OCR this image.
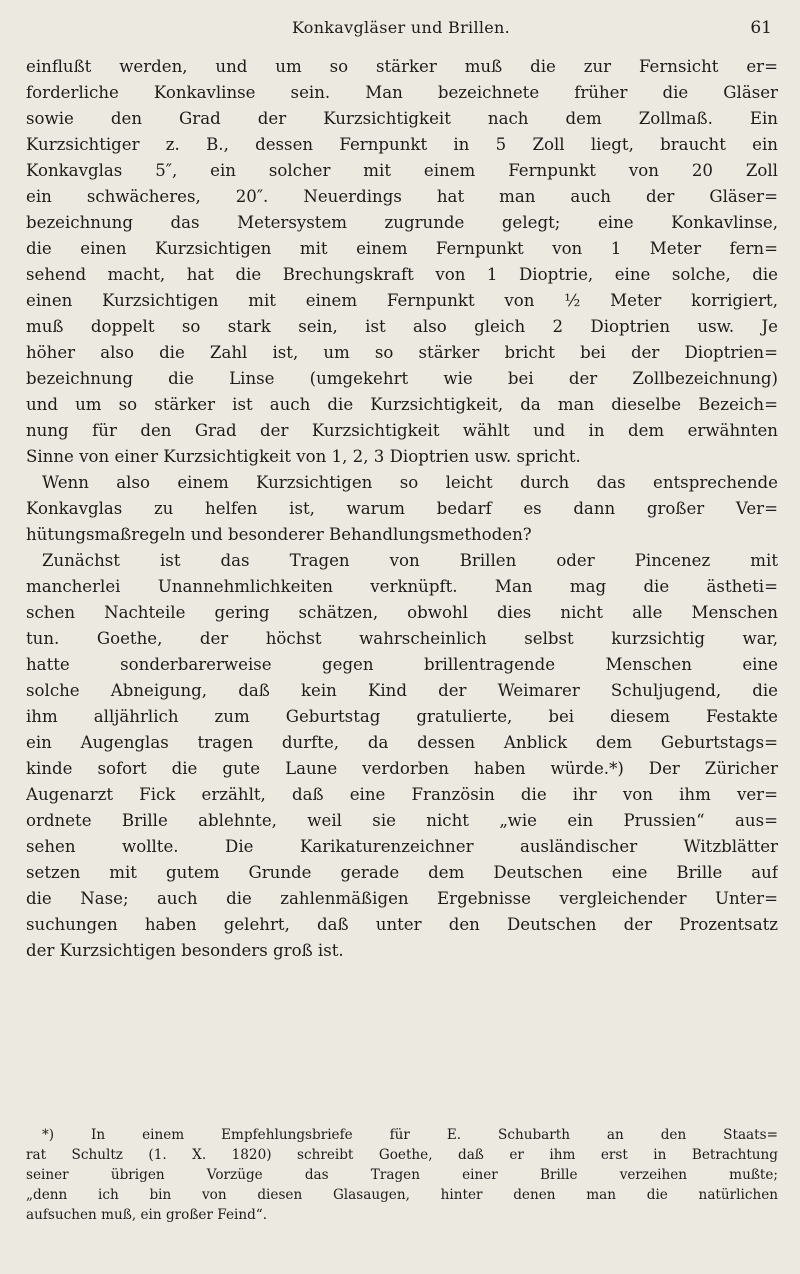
Konkavgläser und Brillen.	61
einflußt werden, und um so stärker muß die zur Fernsicht er=
forderliche Konkavlinse sein. Man bezeichnete früher die Gläser
sowie den Grad der Kurzsichtigkeit nach dem Zollmaß. Ein
Kurzsichtiger z. B., dessen Fernpunkt in 5 Zoll liegt, braucht ein
Konkavglas 5″, ein solcher mit einem Fernpunkt von 20 Zoll
ein schwächeres, 20″. Neuerdings hat man auch der Gläser=
bezeichnung das Metersystem zugrunde gelegt; eine Konkavlinse,
die einen Kurzsichtigen mit einem Fernpunkt von 1 Meter fern=
sehend macht, hat die Brechungskraft von 1 Dioptrie, eine solche, die
einen Kurzsichtigen mit einem Fernpunkt von ½ Meter korrigiert,
muß doppelt so stark sein, ist also gleich 2 Dioptrien usw. Je
höher also die Zahl ist, um so stärker bricht bei der Dioptrien=
bezeichnung die Linse (umgekehrt wie bei der Zollbezeichnung)
und um so stärker ist auch die Kurzsichtigkeit, da man dieselbe Bezeich=
nung für den Grad der Kurzsichtigkeit wählt und in dem erwähnten
Sinne von einer Kurzsichtigkeit von 1, 2, 3 Dioptrien usw. spricht.
Wenn also einem Kurzsichtigen so leicht durch das entsprechende
Konkavglas zu helfen ist, warum bedarf es dann großer Ver=
hütungsmaßregeln und besonderer Behandlungsmethoden?
Zunächst ist das Tragen von Brillen oder Pincenez mit
mancherlei Unannehmlichkeiten verknüpft. Man mag die ästheti=
schen Nachteile gering schätzen, obwohl dies nicht alle Menschen
tun. Goethe, der höchst wahrscheinlich selbst kurzsichtig war,
hatte sonderbarerweise gegen brillentragende Menschen eine
solche Abneigung, daß kein Kind der Weimarer Schuljugend, die
ihm alljährlich zum Geburtstag gratulierte, bei diesem Festakte
ein Augenglas tragen durfte, da dessen Anblick dem Geburtstags=
kinde sofort die gute Laune verdorben haben würde.*) Der Züricher
Augenarzt Fick erzählt, daß eine Französin die ihr von ihm ver=
ordnete Brille ablehnte, weil sie nicht „wie ein Prussien“ aus=
sehen wollte. Die Karikaturenzeichner ausländischer Witzblätter
setzen mit gutem Grunde gerade dem Deutschen eine Brille auf
die Nase; auch die zahlenmäßigen Ergebnisse vergleichender Unter=
suchungen haben gelehrt, daß unter den Deutschen der Prozentsatz
der Kurzsichtigen besonders groß ist.
*) In einem Empfehlungsbriefe für E. Schubarth an den Staats=
rat Schultz (1. X. 1820) schreibt Goethe, daß er ihm erst in Betrachtung
seiner übrigen Vorzüge das Tragen einer Brille verzeihen mußte;
„denn ich bin von diesen Glasaugen, hinter denen man die natürlichen
aufsuchen muß, ein großer Feind“.
